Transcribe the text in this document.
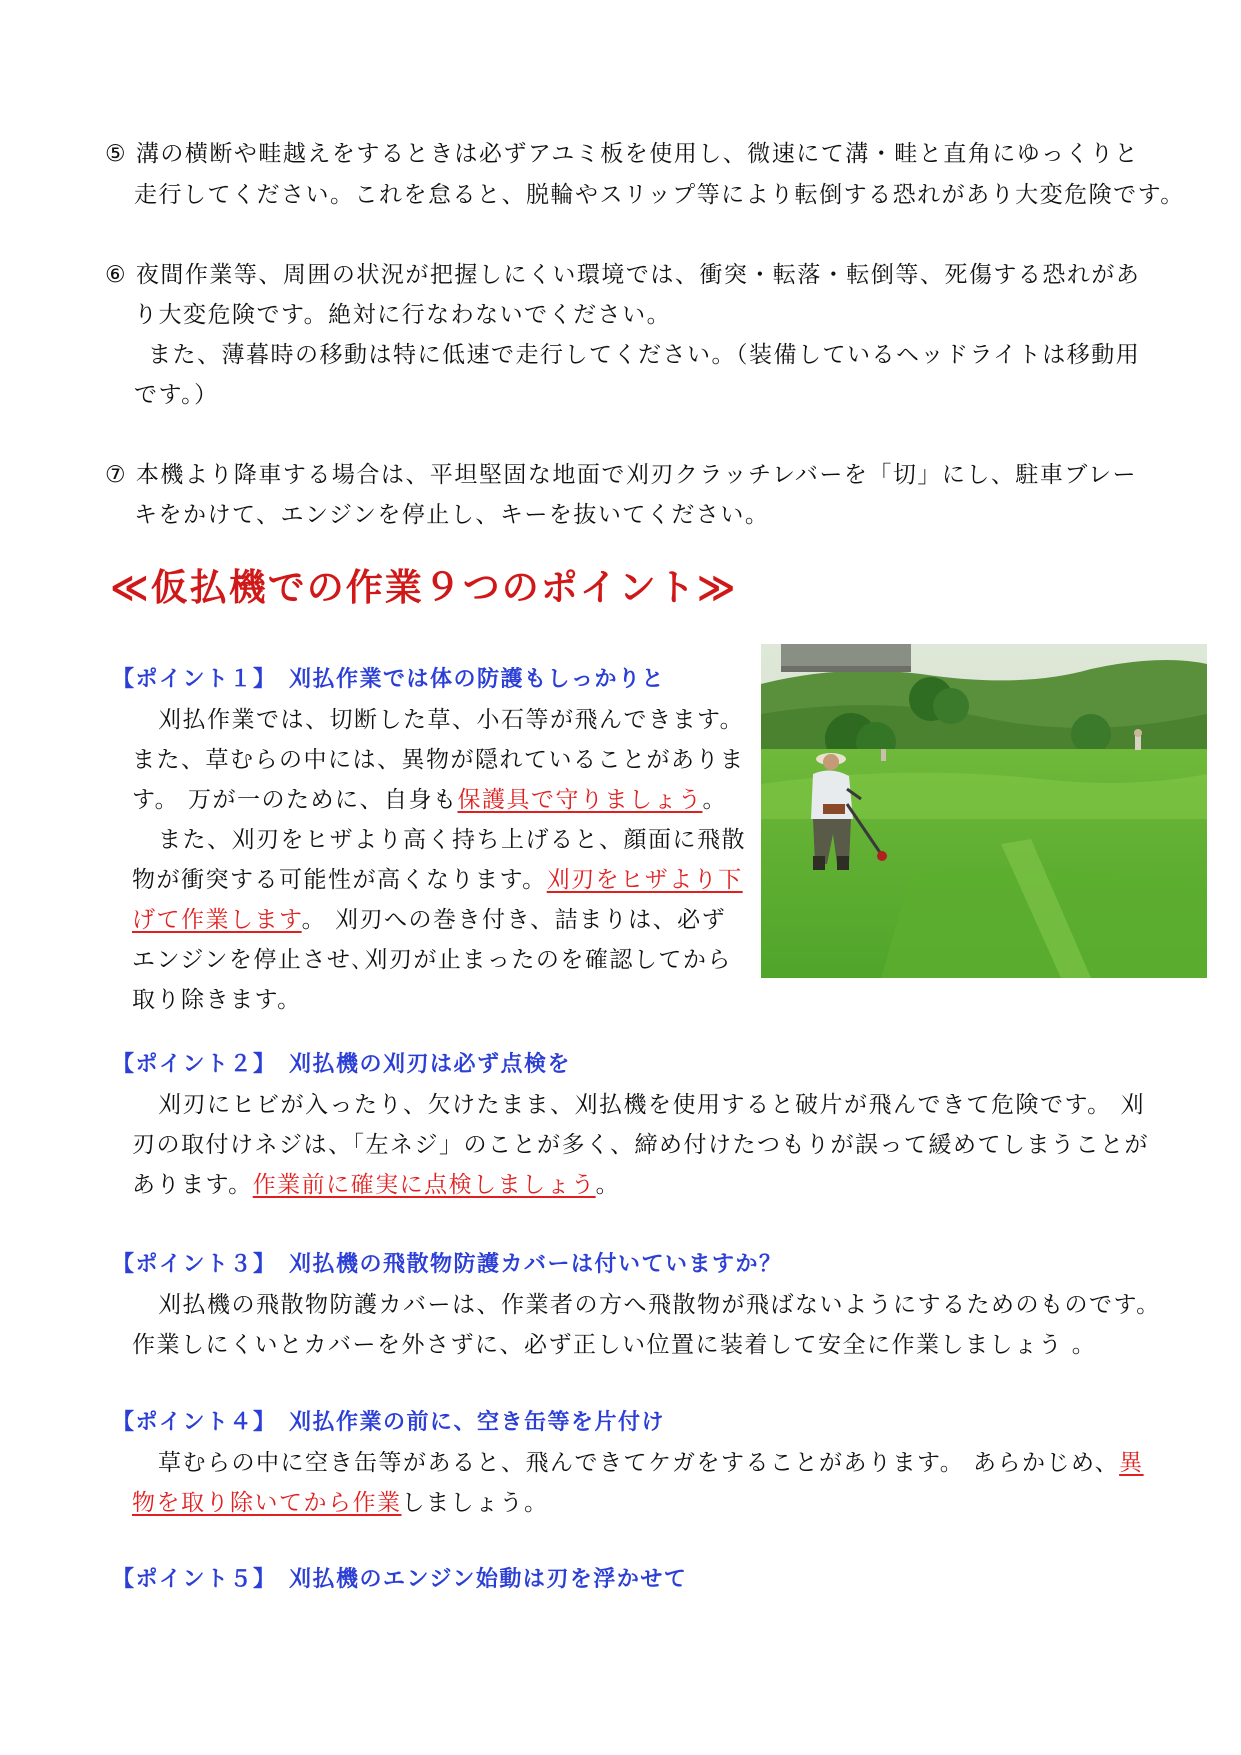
⑤ 溝の横断や畦越えをするときは必ずアユミ板を使用し、微速にて溝・畦と直角にゆっくりと
走行してください。これを怠ると、脱輪やスリップ等により転倒する恐れがあり大変危険です。
⑥ 夜間作業等、周囲の状況が把握しにくい環境では、衝突・転落・転倒等、死傷する恐れがあ
り大変危険です。絶対に行なわないでください。
また、薄暮時の移動は特に低速で走行してください。（装備しているヘッドライトは移動用
です。）
⑦ 本機より降車する場合は、平坦堅固な地面で刈刃クラッチレバーを「切」にし、駐車ブレー
キをかけて、エンジンを停止し、キーを抜いてください。
≪仮払機での作業９つのポイント≫
【ポイント１】　刈払作業では体の防護もしっかりと
刈払作業では、切断した草、小石等が飛んできます。
また、草むらの中には、異物が隠れていることがありま
す。 万が一のために、自身も保護具で守りましょう。
また、刈刃をヒザより高く持ち上げると、顔面に飛散
物が衝突する可能性が高くなります。刈刃をヒザより下
げて作業します。 刈刃への巻き付き、詰まりは、必ず
エンジンを停止させ､刈刃が止まったのを確認してから
取り除きます。
【ポイント２】　刈払機の刈刃は必ず点検を
刈刃にヒビが入ったり、欠けたまま、刈払機を使用すると破片が飛んできて危険です。 刈
刃の取付けネジは、「左ネジ」のことが多く、締め付けたつもりが誤って緩めてしまうことが
あります。作業前に確実に点検しましょう。
【ポイント３】　刈払機の飛散物防護カバーは付いていますか？
刈払機の飛散物防護カバーは、作業者の方へ飛散物が飛ばないようにするためのものです。
作業しにくいとカバーを外さずに、必ず正しい位置に装着して安全に作業しましょう 。
【ポイント４】　刈払作業の前に、空き缶等を片付け
草むらの中に空き缶等があると、飛んできてケガをすることがあります。 あらかじめ、異
物を取り除いてから作業しましょう。
【ポイント５】　刈払機のエンジン始動は刃を浮かせて
